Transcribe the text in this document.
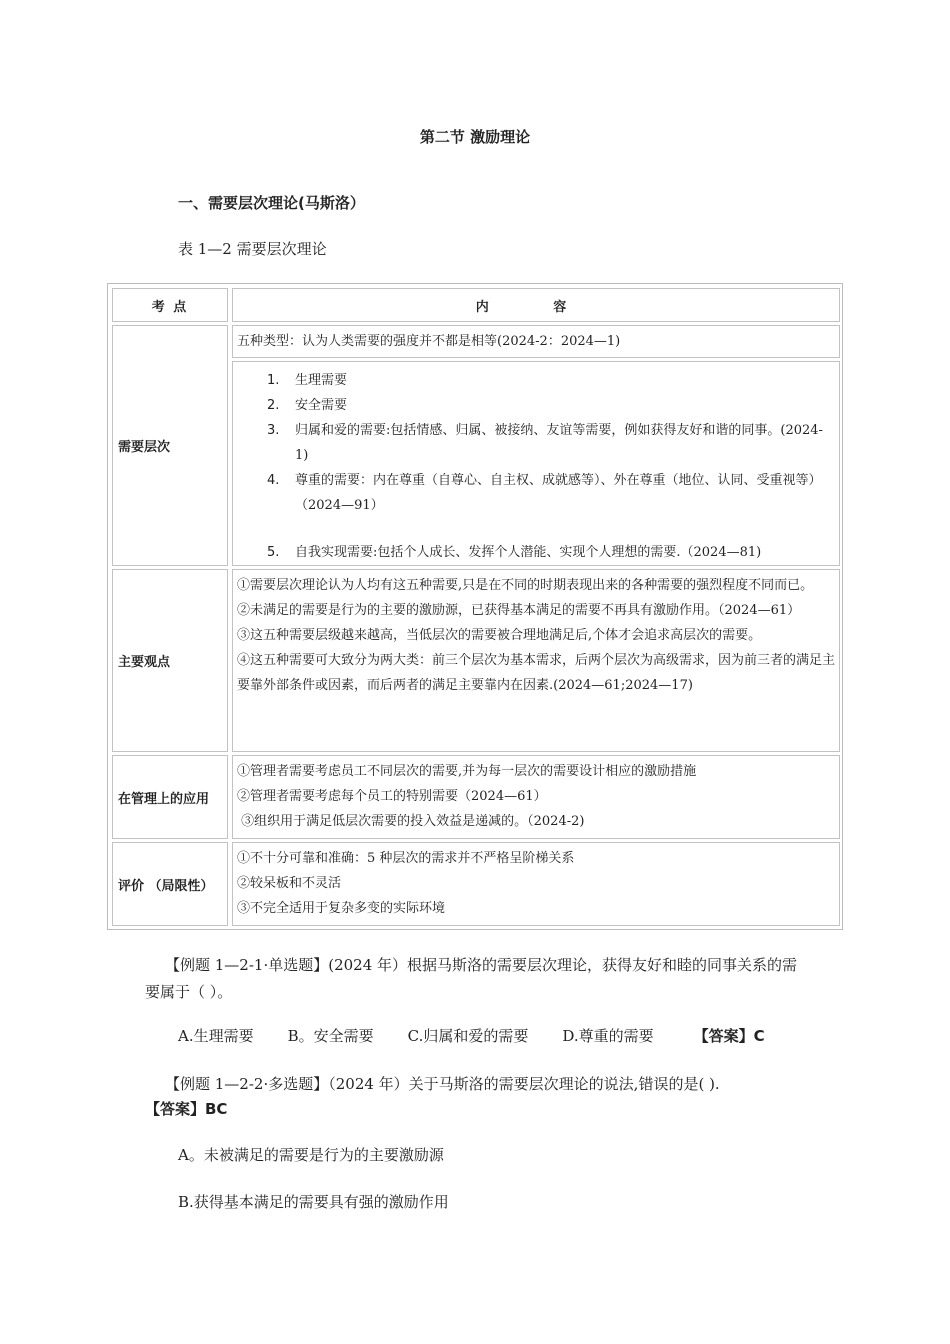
第二节 激励理论
一、需要层次理论(马斯洛）
表 1—2 需要层次理论
考 点	内 容
需要层次
五种类型：认为人类需要的强度并不都是相等(2024-2：2024—1)
1. 生理需要
2. 安全需要
3. 归属和爱的需要:包括情感、归属、被接纳、友谊等需要，例如获得友好和谐的同事。(2024-1)
4. 尊重的需要：内在尊重（自尊心、自主权、成就感等）、外在尊重（地位、认同、受重视等）（2024—91）
5. 自我实现需要:包括个人成长、发挥个人潜能、实现个人理想的需要.（2024—81)
主要观点
①需要层次理论认为人均有这五种需要,只是在不同的时期表现出来的各种需要的强烈程度不同而已。
②未满足的需要是行为的主要的激励源，已获得基本满足的需要不再具有激励作用。（2024—61）
③这五种需要层级越来越高，当低层次的需要被合理地满足后,个体才会追求高层次的需要。
④这五种需要可大致分为两大类：前三个层次为基本需求，后两个层次为高级需求，因为前三者的满足主要靠外部条件或因素，而后两者的满足主要靠内在因素.(2024—61;2024—17)
在管理上的应用
①管理者需要考虑员工不同层次的需要,并为每一层次的需要设计相应的激励措施
②管理者需要考虑每个员工的特别需要（2024—61）
③组织用于满足低层次需要的投入效益是递减的。（2024-2)
评价 （局限性）
①不十分可靠和准确：5 种层次的需求并不严格呈阶梯关系
②较呆板和不灵活
③不完全适用于复杂多变的实际环境
【例题 1—2-1·单选题】(2024 年）根据马斯洛的需要层次理论，获得友好和睦的同事关系的需要属于（ ）。
A.生理需要 B。安全需要 C.归属和爱的需要 D.尊重的需要	【答案】C
【例题 1—2-2·多选题】（2024 年）关于马斯洛的需要层次理论的说法,错误的是( ).
【答案】BC
A。未被满足的需要是行为的主要激励源
B.获得基本满足的需要具有强的激励作用
